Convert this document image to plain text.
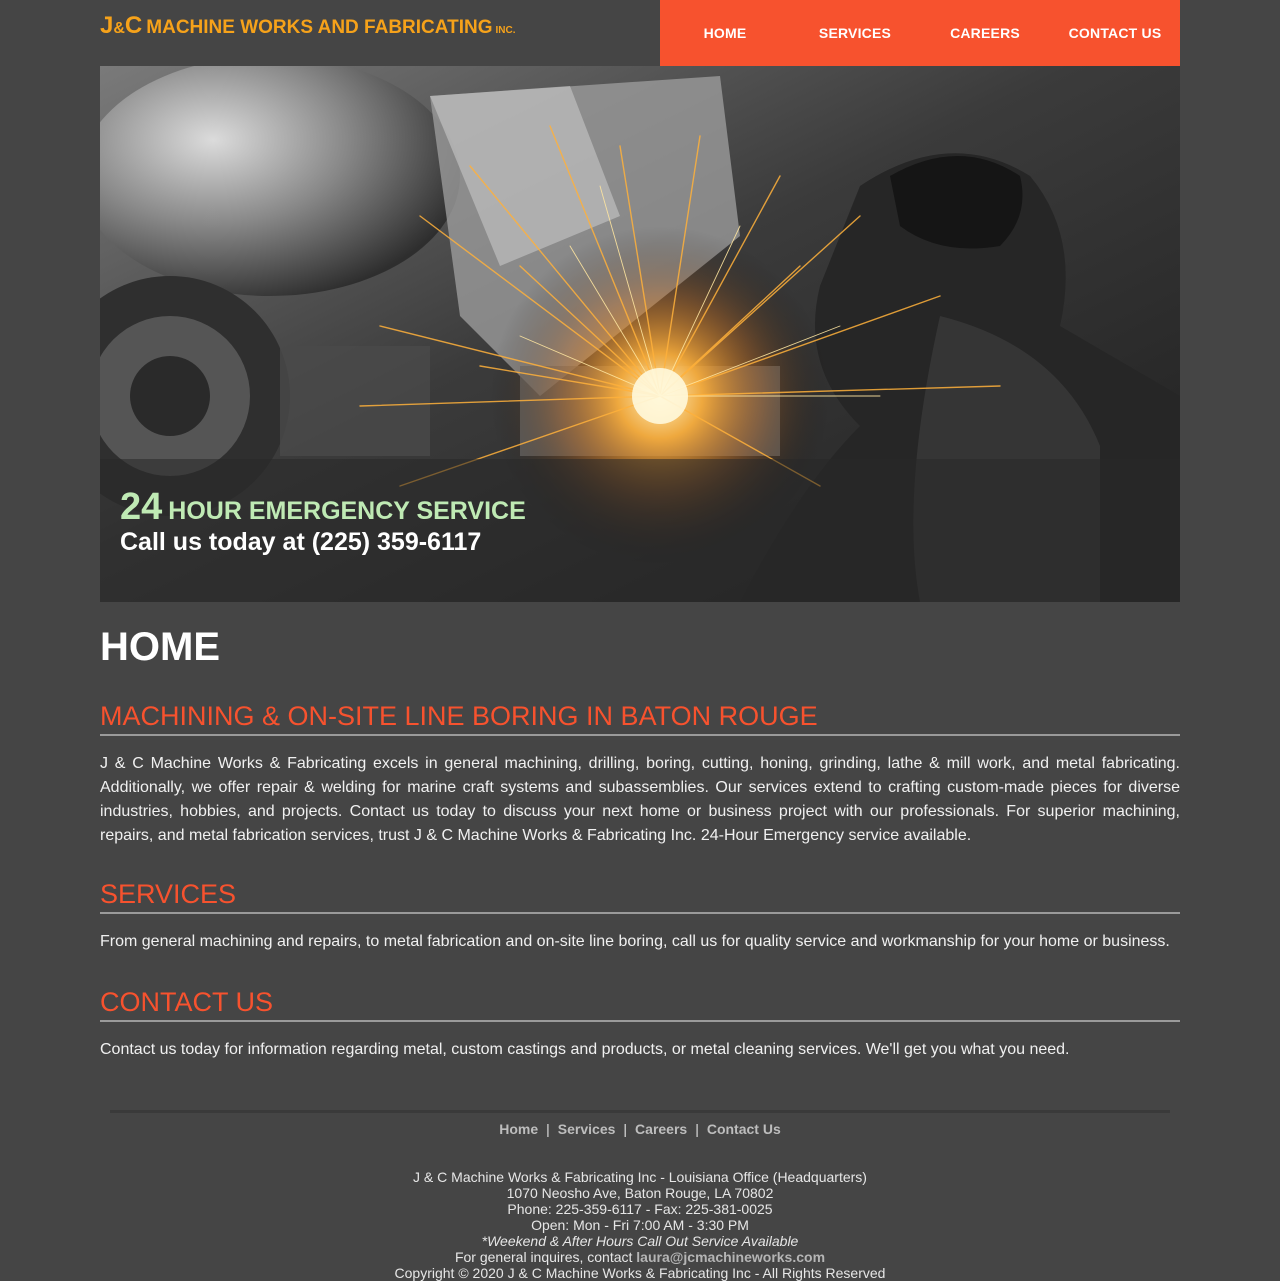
J&C MACHINE WORKS AND FABRICATING INC.	HOME	SERVICES	CAREERS	CONTACT US
24 HOUR EMERGENCY SERVICE
Call us today at (225) 359-6117
HOME
MACHINING & ON-SITE LINE BORING IN BATON ROUGE

J & C Machine Works & Fabricating excels in general machining, drilling, boring, cutting, honing, grinding, lathe & mill work, and metal fabricating. Additionally, we offer repair & welding for marine craft systems and subassemblies. Our services extend to crafting custom-made pieces for diverse industries, hobbies, and projects. Contact us today to discuss your next home or business project with our professionals. For superior machining, repairs, and metal fabrication services, trust J & C Machine Works & Fabricating Inc. 24-Hour Emergency service available.

SERVICES

From general machining and repairs, to metal fabrication and on-site line boring, call us for quality service and workmanship for your home or business.

CONTACT US

Contact us today for information regarding metal, custom castings and products, or metal cleaning services. We'll get you what you need.

Home | Services | Careers | Contact Us
J & C Machine Works & Fabricating Inc - Louisiana Office (Headquarters)
1070 Neosho Ave, Baton Rouge, LA 70802
Phone: 225-359-6117 - Fax: 225-381-0025
Open: Mon - Fri 7:00 AM - 3:30 PM
*Weekend & After Hours Call Out Service Available
For general inquires, contact laura@jcmachineworks.com
Copyright © 2020 J & C Machine Works & Fabricating Inc - All Rights Reserved
